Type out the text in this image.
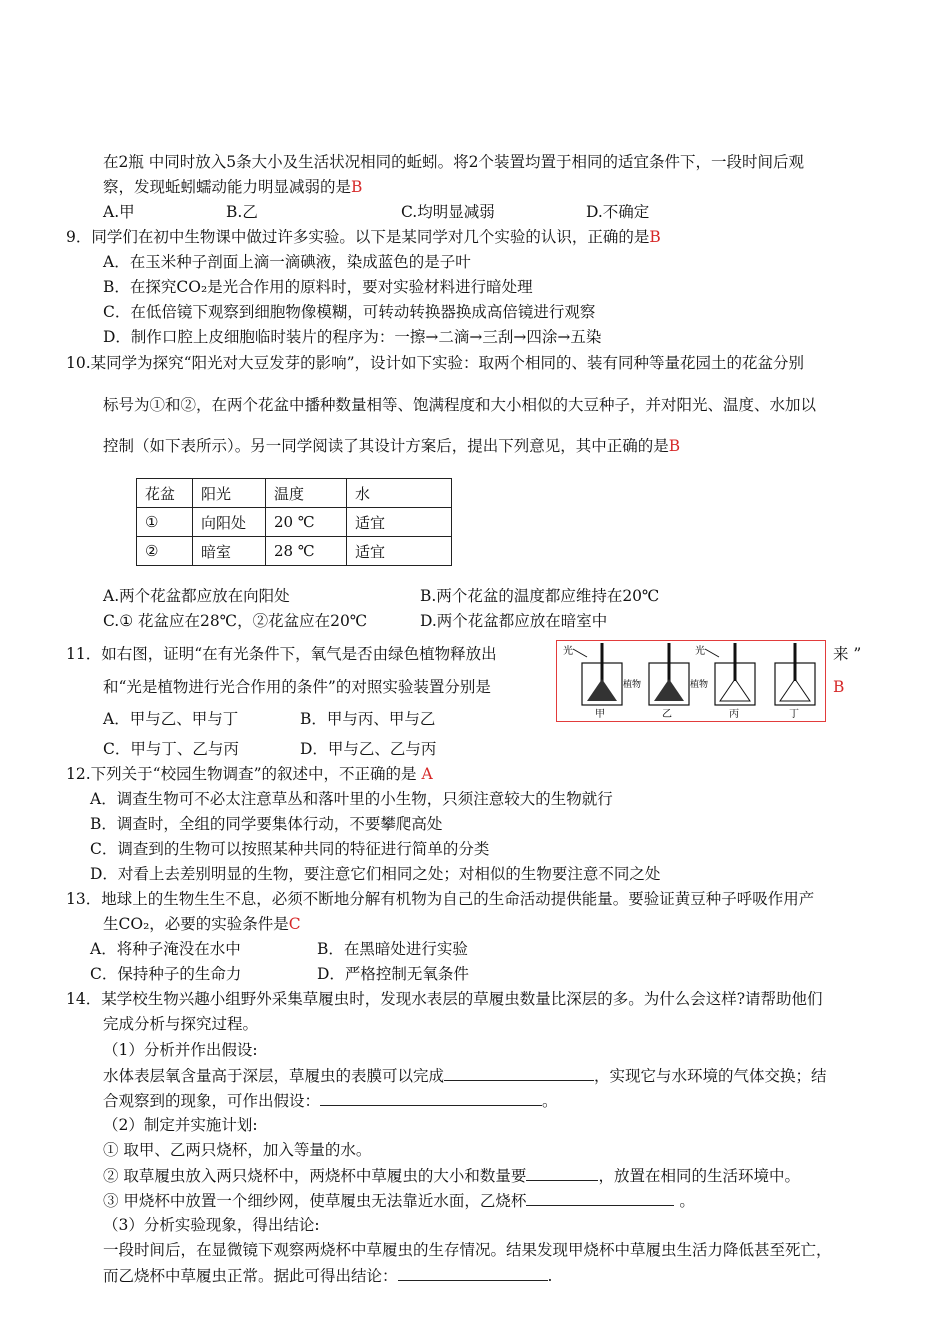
在2瓶 中同时放入5条大小及生活状况相同的蚯蚓。将2个装置均置于相同的适宜条件下，一段时间后观
察，发现蚯蚓蠕动能力明显减弱的是B
A.甲	B.乙	C.均明显减弱	D.不确定
9．同学们在初中生物课中做过许多实验。以下是某同学对几个实验的认识，正确的是B
A．在玉米种子剖面上滴一滴碘液，染成蓝色的是子叶
B．在探究CO₂是光合作用的原料时，要对实验材料进行暗处理
C．在低倍镜下观察到细胞物像模糊，可转动转换器换成高倍镜进行观察
D．制作口腔上皮细胞临时装片的程序为：一擦→二滴→三刮→四涂→五染
10.某同学为探究“阳光对大豆发芽的影响”，设计如下实验：取两个相同的、装有同种等量花园土的花盆分别
标号为①和②，在两个花盆中播种数量相等、饱满程度和大小相似的大豆种子，并对阳光、温度、水加以
控制（如下表所示）。另一同学阅读了其设计方案后，提出下列意见，其中正确的是B
花盆	阳光	温度	水
①	向阳处	20 ℃	适宜
②	暗室	28 ℃	适宜
A.两个花盆都应放在向阳处	B.两个花盆的温度都应维持在20℃
C.① 花盆应在28℃，②花盆应在20℃	D.两个花盆都应放在暗室中
11．如右图，证明“在有光条件下，氧气是否由绿色植物释放出	来 ”
和“光是植物进行光合作用的条件”的对照实验装置分别是	B
光
植物
甲
植物
乙
光
丙	丁
A．甲与乙、甲与丁	B．甲与丙、甲与乙
C．甲与丁、乙与丙	D．甲与乙、乙与丙
12.下列关于“校园生物调查”的叙述中，不正确的是 A
A．调查生物可不必太注意草丛和落叶里的小生物，只须注意较大的生物就行
B．调查时，全组的同学要集体行动，不要攀爬高处
C．调查到的生物可以按照某种共同的特征进行简单的分类
D．对看上去差别明显的生物，要注意它们相同之处；对相似的生物要注意不同之处
13．地球上的生物生生不息，必须不断地分解有机物为自己的生命活动提供能量。要验证黄豆种子呼吸作用产
生CO₂，必要的实验条件是C
A．将种子淹没在水中	B．在黑暗处进行实验
C．保持种子的生命力	D．严格控制无氧条件
14．某学校生物兴趣小组野外采集草履虫时，发现水表层的草履虫数量比深层的多。为什么会这样?请帮助他们
完成分析与探究过程。
（1）分析并作出假设:
水体表层氧含量高于深层，草履虫的表膜可以完成	，实现它与水环境的气体交换；结
合观察到的现象，可作出假设：	。
（2）制定并实施计划:
① 取甲、乙两只烧杯，加入等量的水。
② 取草履虫放入两只烧杯中，两烧杯中草履虫的大小和数量要	，放置在相同的生活环境中。
③ 甲烧杯中放置一个细纱网，使草履虫无法靠近水面，乙烧杯	。
（3）分析实验现象，得出结论:
一段时间后，在显微镜下观察两烧杯中草履虫的生存情况。结果发现甲烧杯中草履虫生活力降低甚至死亡，
而乙烧杯中草履虫正常。据此可得出结论：	.
